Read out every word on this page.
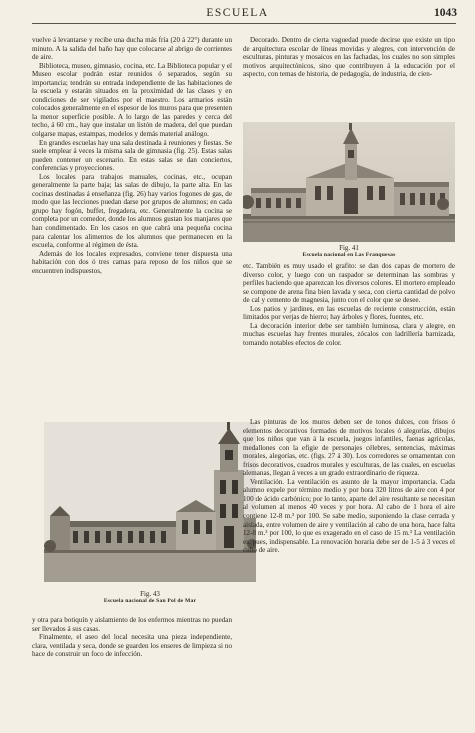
ESCUELA	1043

vuelve á levantarse y recibe una ducha más fría (20 á 22°) durante un minuto. A la salida del baño hay que colocarse al abrigo de corrientes de aire.

Biblioteca, museo, gimnasio, cocina, etc. La Biblioteca popular y el Museo escolar podrán estar reunidos ó separados, según su importancia; tendrán su entrada independiente de las habitaciones de la escuela y estarán situados en la proximidad de las clases y en condiciones de ser vigilados por el maestro. Los armarios están colocados generalmente en el espesor de los muros para que presenten la menor superficie posible. A lo largo de las paredes y cerca del techo, á 60 cm., hay que instalar un listón de madera, del que puedan colgarse mapas, estampas, modelos y demás material análogo.

En grandes escuelas hay una sala destinada á reuniones y fiestas. Se suele emplear á veces la misma sala de gimnasia (fig. 25). Estas salas pueden contener un escenario. En estas salas se dan conciertos, conferencias y proyecciones.

Los locales para trabajos manuales, cocinas, etc., ocupan generalmente la parte baja; las salas de dibujo, la parte alta. En las cocinas destinadas á enseñanza (fig. 26) hay varios fogones de gas, de modo que las lecciones puedan darse por grupos de alumnos; en cada grupo hay fogón, buffet, fregadera, etc. Generalmente la cocina se completa por un comedor, donde los alumnos gustan los manjares que han condimentado. En los casos en que cabrá una pequeña cocina para calentar los alimentos de los alumnos que permanecen en la escuela, conforme al régimen de ésta.

Además de los locales expresados, conviene tener dispuesta una habitación con dos ó tres camas para reposo de los niños que se encuentren indispuestos,

Decorado. Dentro de cierta vaguedad puede decirse que existe un tipo de arquitectura escolar de líneas movidas y alegres, con intervención de esculturas, pinturas y mosaicos en las fachadas, los cuales no son simples motivos arquitectónicos, sino que contribuyen á la educación por el aspecto, con temas de historia, de pedagogía, de industria, de cien-

Fig. 41
Escuela nacional en Las Franquesas

etc. También es muy usado el grafito: se dan dos capas de mortero de diverso color, y luego con un raspador se determinan las sombras y perfiles haciendo que aparezcan los diversos colores. El mortero empleado se compone de arena fina bien lavada y seca, con cierta cantidad de polvo de cal y cemento de magnesia, junto con el color que se desee.

Los patios y jardines, en las escuelas de reciente construcción, están limitados por verjas de hierro; hay árboles y flores, fuentes, etc.

La decoración interior debe ser también luminosa, clara y alegre, en muchas escuelas hay frentes murales, zócalos con ladrillería barnizada, tornando notables efectos de color.

Fig. 43
Escuela nacional de San Pol de Mar

Las pinturas de los muros deben ser de tonos dulces, con frisos ó elementos decorativos formados de motivos locales ó alegorías, dibujos que los niños que van á la escuela, juegos infantiles, faenas agrícolas, medallones con la efigie de personajes célebres, sentencias, máximas morales, alegorías, etc. (figs. 27 á 30). Los corredores se ornamentan con frisos decorativos, cuadros murales y esculturas, de las cuales, en escuelas alemanas, llegan á veces a un grado extraordinario de riqueza.

Ventilación. La ventilación es asunto de la mayor importancia. Cada alumno expele por término medio y por hora 320 litros de aire con 4 por 100 de ácido carbónico; por lo tanto, aparte del aire resultante se necesitan al volumen al menos 40 veces y por hora. Al cabo de 1 hora el aire contiene 12-8 m.³ por 100. Se sabe medio, suponiendo la clase cerrada y aislada, entre volumen de aire y ventilación al cabo de una hora, hace falta 12-8 m.³ por 100, lo que es exagerado en el caso de 15 m.³ La ventilación es, pues, indispensable. La renovación horaria debe ser de 1-5 á 3 veces el cubo de aire.

y otra para botiquín y aislamiento de los enfermos mientras no puedan ser llevados á sus casas.

Finalmente, el aseo del local necesita una pieza independiente, clara, ventilada y seca, donde se guarden los enseres de limpieza si no hace de construir un foco de infección.
